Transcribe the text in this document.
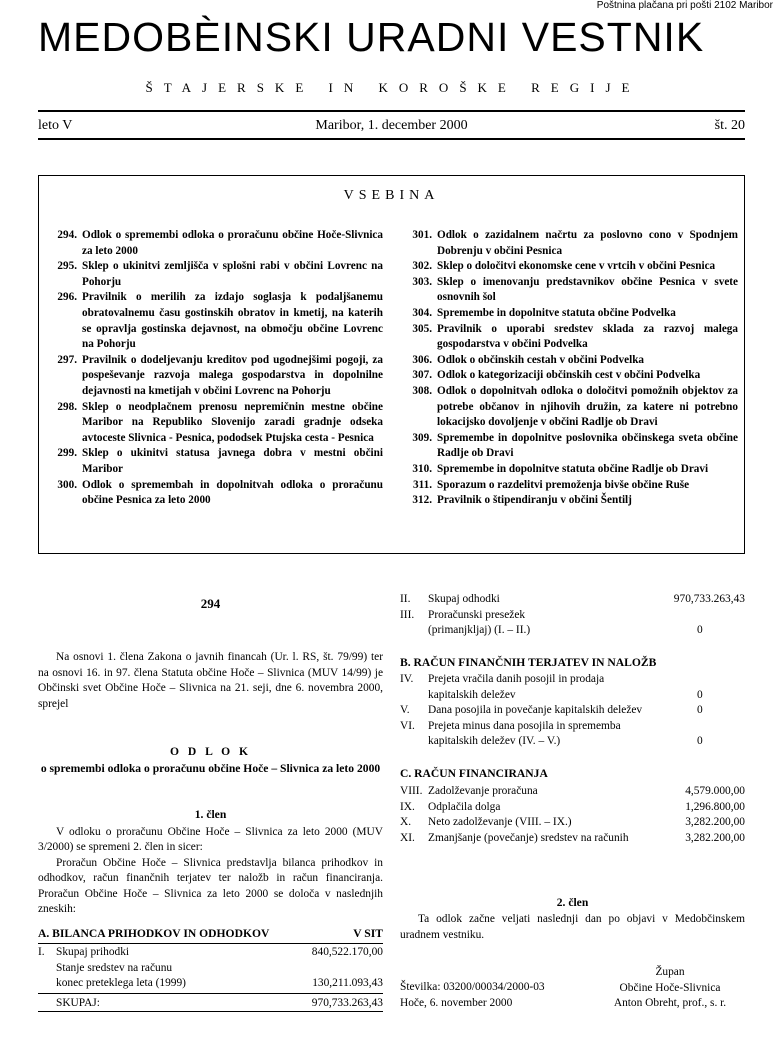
Poštnina plačana pri pošti 2102 Maribor
MEDOBÈINSKI URADNI VESTNIK
ŠTAJERSKE IN KOROŠKE REGIJE
leto V	Maribor, 1. december 2000	št. 20
VSEBINA
294. Odlok o spremembi odloka o proračunu občine Hoče-Slivnica za leto 2000
295. Sklep o ukinitvi zemljišča v splošni rabi v občini Lovrenc na Pohorju
296. Pravilnik o merilih za izdajo soglasja k podaljšanemu obratovalnemu času gostinskih obratov in kmetij, na katerih se opravlja gostinska dejavnost, na območju občine Lovrenc na Pohorju
297. Pravilnik o dodeljevanju kreditov pod ugodnejšimi pogoji, za pospeševanje razvoja malega gospodarstva in dopolnilne dejavnosti na kmetijah v občini Lovrenc na Pohorju
298. Sklep o neodplačnem prenosu nepremičnin mestne občine Maribor na Republiko Slovenijo zaradi gradnje odseka avtoceste Slivnica - Pesnica, pododsek Ptujska cesta - Pesnica
299. Sklep o ukinitvi statusa javnega dobra v mestni občini Maribor
300. Odlok o spremembah in dopolnitvah odloka o proračunu občine Pesnica za leto 2000
301. Odlok o zazidalnem načrtu za poslovno cono v Spodnjem Dobrenju v občini Pesnica
302. Sklep o določitvi ekonomske cene v vrtcih v občini Pesnica
303. Sklep o imenovanju predstavnikov občine Pesnica v svete osnovnih šol
304. Spremembe in dopolnitve statuta občine Podvelka
305. Pravilnik o uporabi sredstev sklada za razvoj malega gospodarstva v občini Podvelka
306. Odlok o občinskih cestah v občini Podvelka
307. Odlok o kategorizaciji občinskih cest v občini Podvelka
308. Odlok o dopolnitvah odloka o določitvi pomožnih objektov za potrebe občanov in njihovih družin, za katere ni potrebno lokacijsko dovoljenje v občini Radlje ob Dravi
309. Spremembe in dopolnitve poslovnika občinskega sveta občine Radlje ob Dravi
310. Spremembe in dopolnitve statuta občine Radlje ob Dravi
311. Sporazum o razdelitvi premoženja bivše občine Ruše
312. Pravilnik o štipendiranju v občini Šentilj
294
Na osnovi 1. člena Zakona o javnih financah (Ur. l. RS, št. 79/99) ter na osnovi 16. in 97. člena Statuta občine Hoče – Slivnica (MUV 14/99) je Občinski svet Občine Hoče – Slivnica na 21. seji, dne 6. novembra 2000, sprejel
O D L O K
o spremembi odloka o proračunu občine Hoče – Slivnica za leto 2000
1. člen
V odloku o proračunu Občine Hoče – Slivnica za leto 2000 (MUV 3/2000) se spremeni 2. člen in sicer:
Proračun Občine Hoče – Slivnica predstavlja bilanca prihodkov in odhodkov, račun finančnih terjatev ter naložb in račun financiranja. Proračun Občine Hoče – Slivnica za leto 2000 se določa v naslednjih zneskih:
A. BILANCA PRIHODKOV IN ODHODKOV	V SIT
I. Skupaj prihodki	840,522.170,00
Stanje sredstev na računu
konec preteklega leta (1999)	130,211.093,43
SKUPAJ:	970,733.263,43
II.	Skupaj odhodki	970,733.263,43
III.	Proračunski presežek
(primanjkljaj) (I. – II.)	0
B. RAČUN FINANČNIH TERJATEV IN NALOŽB
IV.	Prejeta vračila danih posojil in prodaja
kapitalskih deležev	0
V.	Dana posojila in povečanje kapitalskih deležev	0
VI.	Prejeta minus dana posojila in sprememba
kapitalskih deležev (IV. – V.)	0
C. RAČUN FINANCIRANJA
VIII. Zadolževanje proračuna	4,579.000,00
IX.	Odplačila dolga	1,296.800,00
X.	Neto zadolževanje (VIII. – IX.)	3,282.200,00
XI.	Zmanjšanje (povečanje) sredstev na računih	3,282.200,00
2. člen
Ta odlok začne veljati naslednji dan po objavi v Medobčinskem uradnem vestniku.
Številka: 03200/00034/2000-03
Hoče, 6. november 2000
Župan
Občine Hoče-Slivnica
Anton Obreht, prof., s. r.
